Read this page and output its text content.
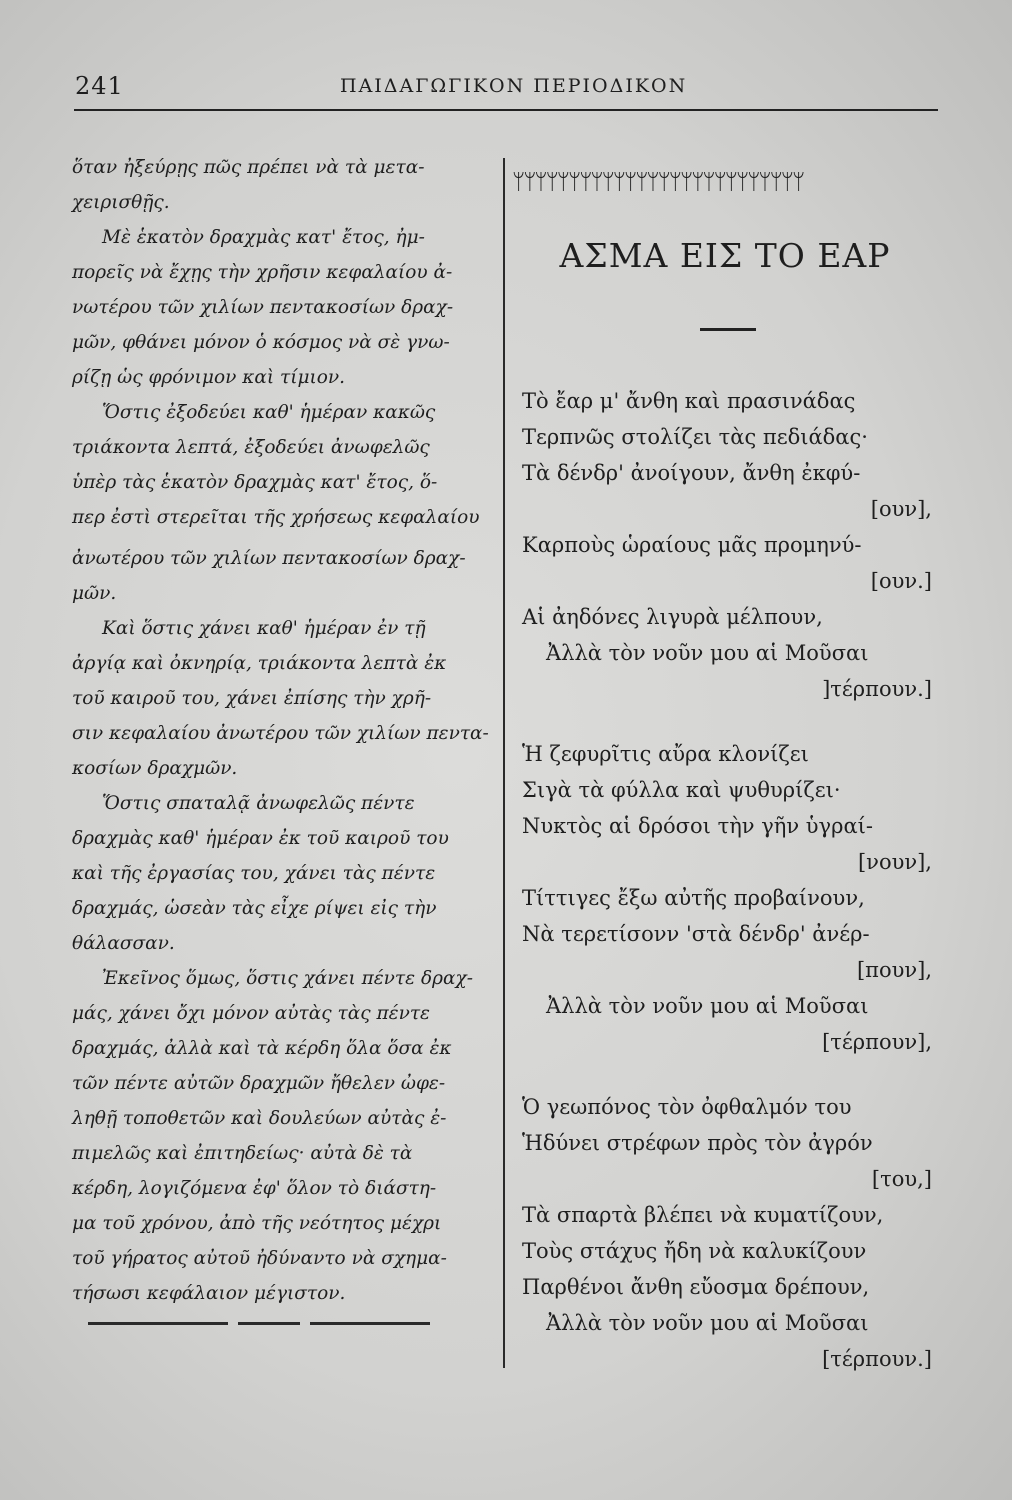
241	ΠΑΙΔΑΓΩΓΙΚΟΝ ΠΕΡΙΟΔΙΚΟΝ
ὅταν ἠξεύρῃς πῶς πρέπει νὰ τὰ μετα-
χειρισθῇς.
Μὲ ἑκατὸν δραχμὰς κατ' ἔτος, ἠμ-
πορεῖς νὰ ἔχῃς τὴν χρῆσιν κεφαλαίου ἀ-
νωτέρου τῶν χιλίων πεντακοσίων δραχ-
μῶν, φθάνει μόνον ὁ κόσμος νὰ σὲ γνω-
ρίζῃ ὡς φρόνιμον καὶ τίμιον.
Ὅστις ἐξοδεύει καθ' ἡμέραν κακῶς
τριάκοντα λεπτά, ἐξοδεύει ἀνωφελῶς
ὑπὲρ τὰς ἑκατὸν δραχμὰς κατ' ἔτος, ὅ-
περ ἐστὶ στερεῖται τῆς χρήσεως κεφαλαίου
ἀνωτέρου τῶν χιλίων πεντακοσίων δραχ-
μῶν.
Καὶ ὅστις χάνει καθ' ἡμέραν ἐν τῇ
ἀργίᾳ καὶ ὀκνηρίᾳ, τριάκοντα λεπτὰ ἐκ
τοῦ καιροῦ του, χάνει ἐπίσης τὴν χρῆ-
σιν κεφαλαίου ἀνωτέρου τῶν χιλίων πεντα-
κοσίων δραχμῶν.
Ὅστις σπαταλᾷ ἀνωφελῶς πέντε
δραχμὰς καθ' ἡμέραν ἐκ τοῦ καιροῦ του
καὶ τῆς ἐργασίας του, χάνει τὰς πέντε
δραχμάς, ὡσεὰν τὰς εἶχε ρίψει εἰς τὴν
θάλασσαν.
Ἐκεῖνος ὅμως, ὅστις χάνει πέντε δραχ-
μάς, χάνει ὄχι μόνον αὐτὰς τὰς πέντε
δραχμάς, ἀλλὰ καὶ τὰ κέρδη ὅλα ὅσα ἐκ
τῶν πέντε αὐτῶν δραχμῶν ἤθελεν ὠφε-
ληθῇ τοποθετῶν καὶ δουλεύων αὐτὰς ἐ-
πιμελῶς καὶ ἐπιτηδείως· αὐτὰ δὲ τὰ
κέρδη, λογιζόμενα ἐφ' ὅλον τὸ διάστη-
μα τοῦ χρόνου, ἀπὸ τῆς νεότητος μέχρι
τοῦ γήρατος αὐτοῦ ἠδύναντο νὰ σχημα-
τήσωσι κεφάλαιον μέγιστον.
ᛘᛘᛘᛘᛘᛘᛘᛘᛘᛘᛘᛘᛘᛘᛘᛘᛘᛘᛘᛘᛘᛘᛘᛘᛘᛘ
ΑΣΜΑ ΕΙΣ ΤΟ ΕΑΡ
Τὸ ἔαρ μ' ἄνθη καὶ πρασινάδας
Τερπνῶς στολίζει τὰς πεδιάδας·
Τὰ δένδρ' ἀνοίγουν, ἄνθη ἐκφύ-
[ουν],
Καρποὺς ὡραίους μᾶς προμηνύ-
[ουν.]
Αἱ ἀηδόνες λιγυρὰ μέλπουν,
Ἀλλὰ τὸν νοῦν μου αἱ Μοῦσαι
]τέρπουν.]
Ἡ ζεφυρῖτις αὔρα κλονίζει
Σιγὰ τὰ φύλλα καὶ ψυθυρίζει·
Νυκτὸς αἱ δρόσοι τὴν γῆν ὑγραί-
[νουν],
Τίττιγες ἔξω αὐτῆς προβαίνουν,
Νὰ τερετίσονν 'στὰ δένδρ' ἀνέρ-
[πουν],
Ἀλλὰ τὸν νοῦν μου αἱ Μοῦσαι
[τέρπουν],
Ὁ γεωπόνος τὸν ὀφθαλμόν του
Ἡδύνει στρέφων πρὸς τὸν ἀγρόν
[του,]
Τὰ σπαρτὰ βλέπει νὰ κυματίζουν,
Τοὺς στάχυς ἤδη νὰ καλυκίζουν
Παρθένοι ἄνθη εὔοσμα δρέπουν,
Ἀλλὰ τὸν νοῦν μου αἱ Μοῦσαι
[τέρπουν.]
